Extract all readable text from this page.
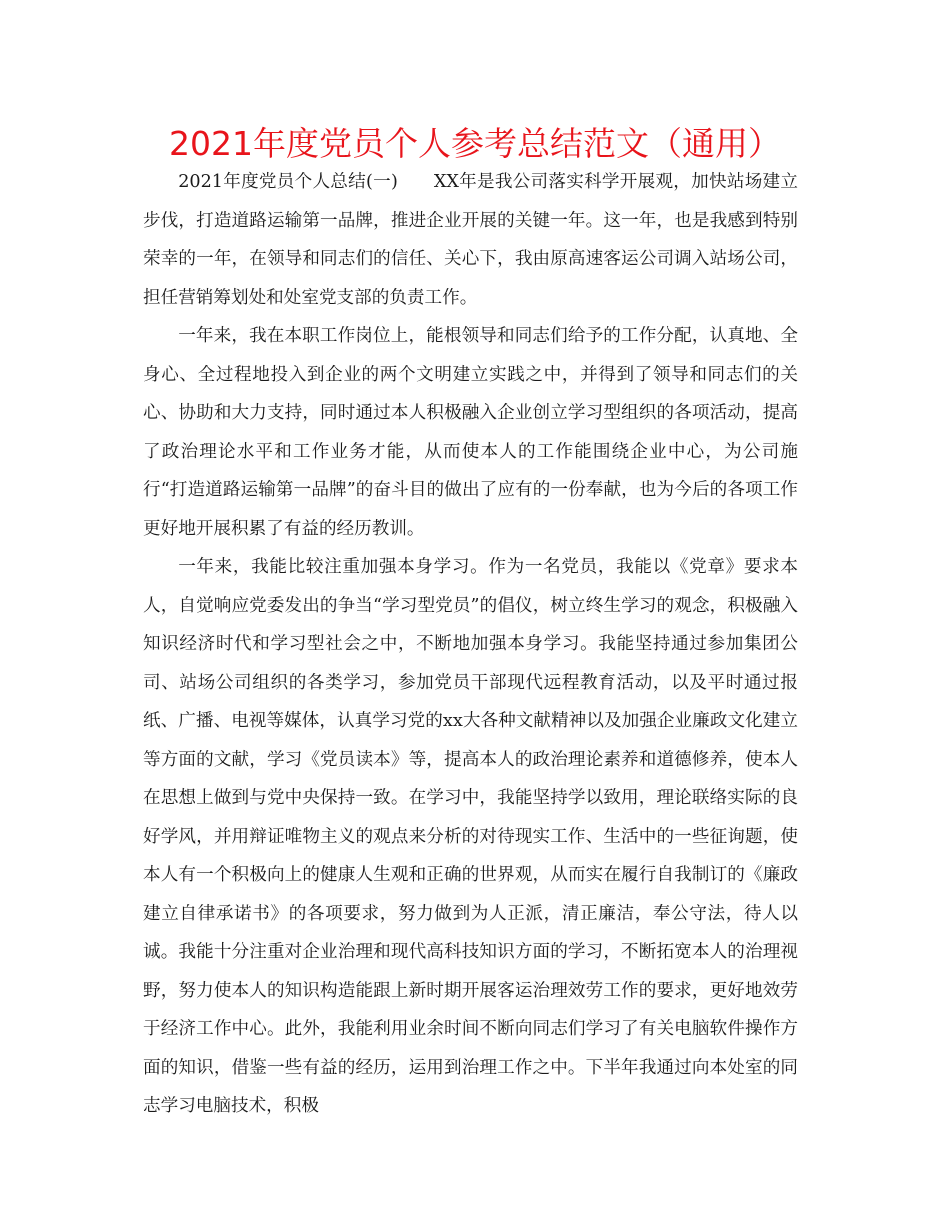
2021年度党员个人参考总结范文（通用）

2021年度党员个人总结(一) XX年是我公司落实科学开展观，加快站场建立步伐，打造道路运输第一品牌，推进企业开展的关键一年。这一年，也是我感到特别荣幸的一年，在领导和同志们的信任、关心下，我由原高速客运公司调入站场公司，担任营销筹划处和处室党支部的负责工作。

一年来，我在本职工作岗位上，能根领导和同志们给予的工作分配，认真地、全身心、全过程地投入到企业的两个文明建立实践之中，并得到了领导和同志们的关心、协助和大力支持，同时通过本人积极融入企业创立学习型组织的各项活动，提高了政治理论水平和工作业务才能，从而使本人的工作能围绕企业中心，为公司施行“打造道路运输第一品牌”的奋斗目的做出了应有的一份奉献，也为今后的各项工作更好地开展积累了有益的经历教训。

一年来，我能比较注重加强本身学习。作为一名党员，我能以《党章》要求本人，自觉响应党委发出的争当“学习型党员”的倡仪，树立终生学习的观念，积极融入知识经济时代和学习型社会之中，不断地加强本身学习。我能坚持通过参加集团公司、站场公司组织的各类学习，参加党员干部现代远程教育活动，以及平时通过报纸、广播、电视等媒体，认真学习党的xx大各种文献精神以及加强企业廉政文化建立等方面的文献，学习《党员读本》等，提高本人的政治理论素养和道德修养，使本人在思想上做到与党中央保持一致。在学习中，我能坚持学以致用，理论联络实际的良好学风，并用辩证唯物主义的观点来分析的对待现实工作、生活中的一些征询题，使本人有一个积极向上的健康人生观和正确的世界观，从而实在履行自我制订的《廉政建立自律承诺书》的各项要求，努力做到为人正派，清正廉洁，奉公守法，待人以诚。我能十分注重对企业治理和现代高科技知识方面的学习，不断拓宽本人的治理视野，努力使本人的知识构造能跟上新时期开展客运治理效劳工作的要求，更好地效劳于经济工作中心。此外，我能利用业余时间不断向同志们学习了有关电脑软件操作方面的知识，借鉴一些有益的经历，运用到治理工作之中。下半年我通过向本处室的同志学习电脑技术，积极
